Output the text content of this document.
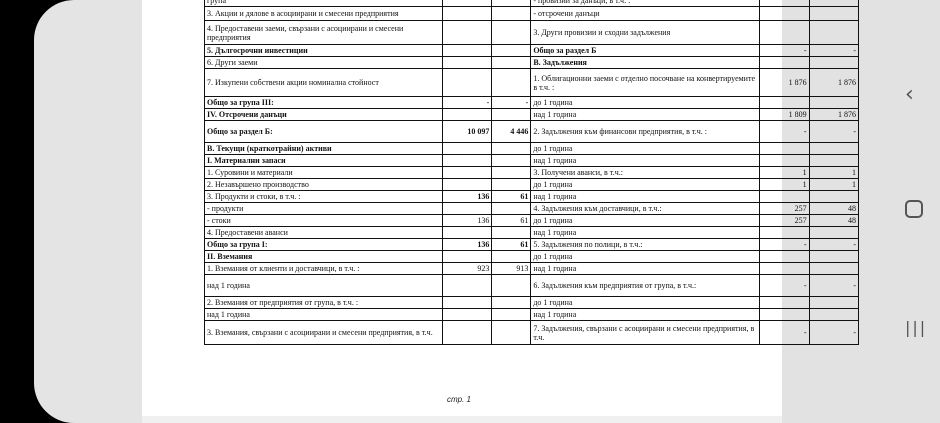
‹
|||
група			- провизии за данъци, в т.ч. :		
3. Акции и дялове в асоциирани и смесени предприятия			- отсрочени данъци		
4. Предоставени заеми, свързани с асоциирани и смесени предприятия			3. Други провизии и сходни задължения		
5. Дългосрочни инвестиции			Общо за раздел Б	-	-
6. Други заеми			В. Задължения		
7. Изкупени собствени акции номинална стойност			1. Облигационни заеми с отделно посочване на конвертируемите в т.ч. :	1 876	1 876
Общо за група III:	-	-	до 1 година		
IV. Отсрочени данъци			над 1 година	1 809	1 876
Общо за раздел Б:	10 097	4 446	2. Задължения към финансови предприятия, в т.ч. :	-	-
В. Текущи (краткотрайни) активи			до 1 година		
I. Материални запаси			над 1 година		
1. Суровини и материали			3. Получени аванси, в т.ч.:	1	1
2. Незавършено производство			до 1 година	1	1
3. Продукти и стоки, в т.ч. :	136	61	над 1 година		
- продукти			4. Задължения към доставчици, в т.ч.:	257	48
- стоки	136	61	до 1 година	257	48
4. Предоставени аванси			над 1 година		
Общо за група I:	136	61	5. Задължения по полици, в т.ч.:	-	-
II. Вземания			до 1 година		
1. Вземания от клиенти и доставчици, в т.ч. :	923	913	над 1 година		
над 1 година			6. Задължения към предприятия от група, в т.ч.:	-	-
2. Вземания от предприятия от група, в т.ч. :			до 1 година		
над 1 година			над 1 година		
3. Вземания, свързани с асоциирани и смесени предприятия, в т.ч.			7. Задължения, свързани с асоциирани и смесени предприятия, в т.ч.	-	-
стр. 1
